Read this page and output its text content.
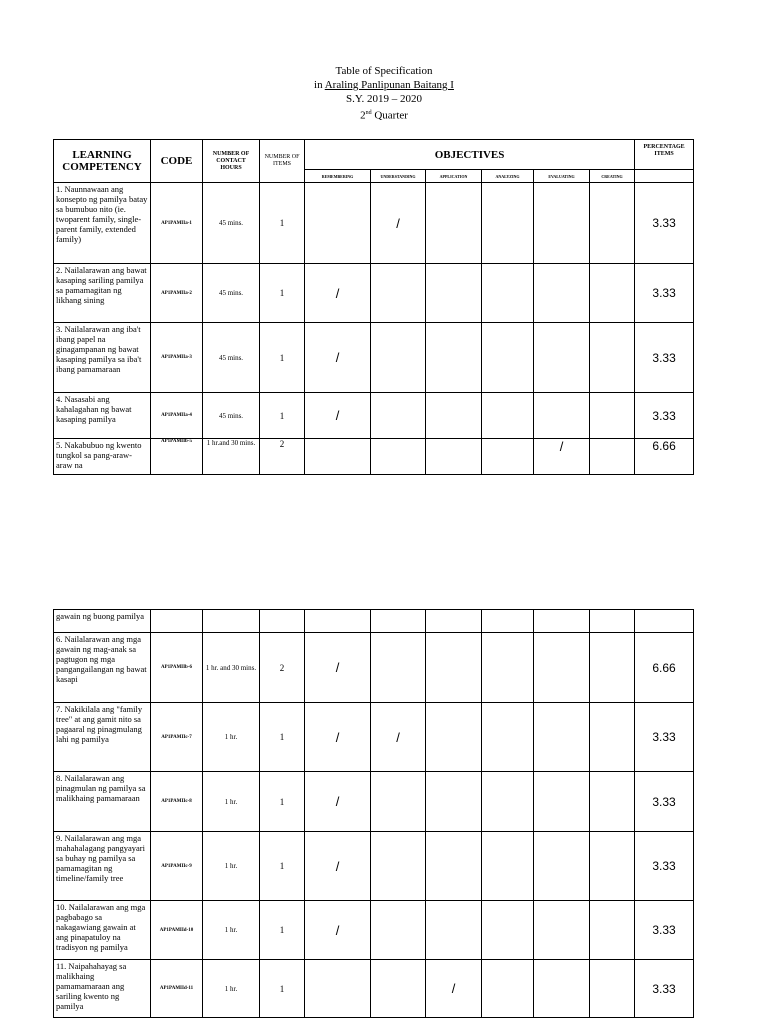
Table of Specification
in Araling Panlipunan Baitang I
S.Y. 2019 – 2020
2nd Quarter
LEARNING COMPETENCY	CODE	NUMBER OF CONTACT HOURS	NUMBER OF ITEMS	OBJECTIVES						PERCENTAGE ITEMS
				REMEMBERING	UNDERSTANDING	APPLICATION	ANALYZING	EVALUATING	CREATING	
1. Naunnawaan ang konsepto ng pamilya batay sa bumubuo nito (ie. twoparent family, single-parent family, extended family)	AP1PAMIIa-1	45 mins.	1		/					3.33
2. Nailalarawan ang bawat kasaping sariling pamilya sa pamamagitan ng likhang sining	AP1PAMIIa-2	45 mins.	1	/						3.33
3. Nailalarawan ang iba't ibang papel na ginagampanan ng bawat kasaping pamilya sa iba't ibang pamamaraan	AP1PAMIIa-3	45 mins.	1	/						3.33
4. Nasasabi ang kahalagahan ng bawat kasaping pamilya	AP1PAMIIa-4	45 mins.	1	/						3.33
5. Nakabubuo ng kwento tungkol sa pang-araw-araw na	AP1PAMIIb-5	1 hr.and 30 mins.	2					/		6.66
gawain ng buong pamilya										
6. Nailalarawan ang mga gawain ng mag-anak sa pagtugon ng mga pangangailangan ng bawat kasapi	AP1PAMIIb-6	1 hr. and 30 mins.	2	/						6.66
7. Nakikilala ang "family tree" at ang gamit nito sa pagaaral ng pinagmulang lahi ng pamilya	AP1PAMIIc-7	1 hr.	1	/	/					3.33
8. Nailalarawan ang pinagmulan ng pamilya sa malikhaing pamamaraan	AP1PAMIIc-8	1 hr.	1	/						3.33
9. Nailalarawan ang mga mahahalagang pangyayari sa buhay ng pamilya sa pamamagitan ng timeline/family tree	AP1PAMIIc-9	1 hr.	1	/						3.33
10. Nailalarawan ang mga pagbabago sa nakagawiang gawain at ang pinapatuloy na tradisyon ng pamilya	AP1PAMIId-10	1 hr.	1	/						3.33
11. Naipahahayag sa malikhaing pamamamaraan ang sariling kwento ng pamilya	AP1PAMIId-11	1 hr.	1			/				3.33
